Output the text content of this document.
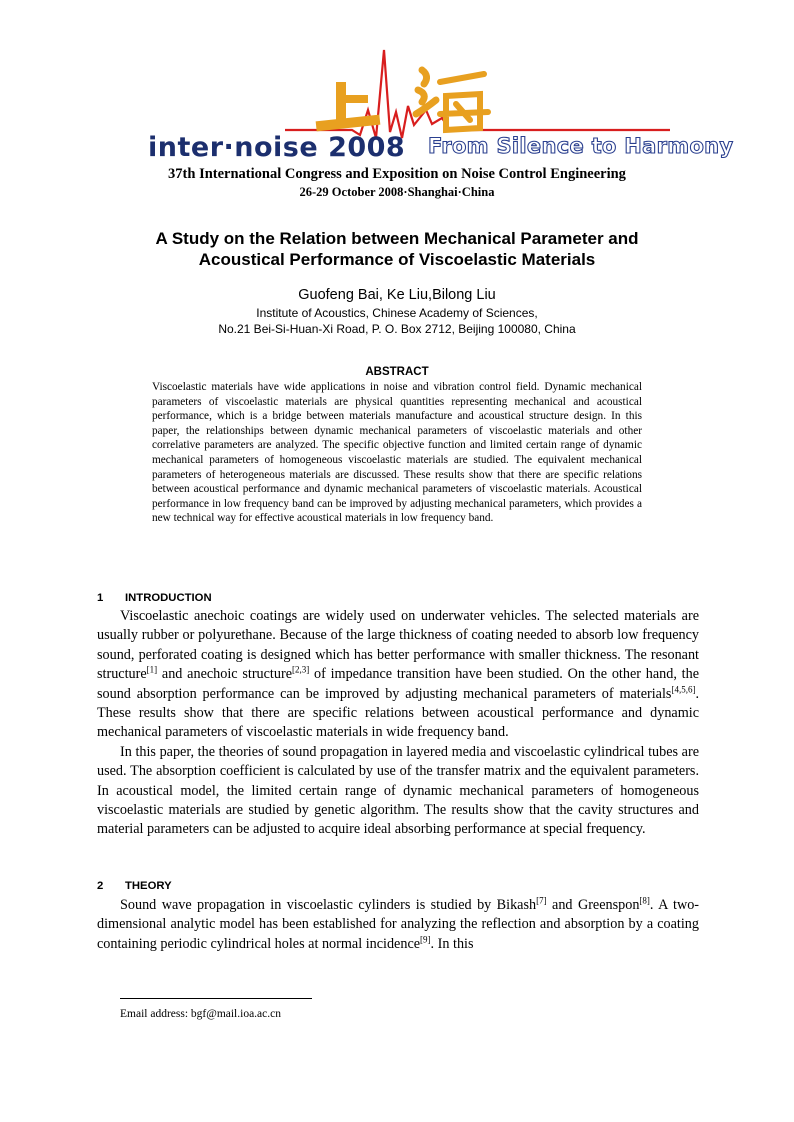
inter·noise 2008 From Silence to Harmony
37th International Congress and Exposition on Noise Control Engineering
26-29 October 2008·Shanghai·China
A Study on the Relation between Mechanical Parameter and
Acoustical Performance of Viscoelastic Materials
Guofeng Bai, Ke Liu,Bilong Liu
Institute of Acoustics, Chinese Academy of Sciences,
No.21 Bei-Si-Huan-Xi Road, P. O. Box 2712, Beijing 100080, China
ABSTRACT
Viscoelastic materials have wide applications in noise and vibration control field. Dynamic mechanical parameters of viscoelastic materials are physical quantities representing mechanical and acoustical performance, which is a bridge between materials manufacture and acoustical structure design. In this paper, the relationships between dynamic mechanical parameters of viscoelastic materials and other correlative parameters are analyzed. The specific objective function and limited certain range of dynamic mechanical parameters of homogeneous viscoelastic materials are studied. The equivalent mechanical parameters of heterogeneous materials are discussed. These results show that there are specific relations between acoustical performance and dynamic mechanical parameters of viscoelastic materials. Acoustical performance in low frequency band can be improved by adjusting mechanical parameters, which provides a new technical way for effective acoustical materials in low frequency band.
1 INTRODUCTION

Viscoelastic anechoic coatings are widely used on underwater vehicles. The selected materials are usually rubber or polyurethane. Because of the large thickness of coating needed to absorb low frequency sound, perforated coating is designed which has better performance with smaller thickness. The resonant structure[1] and anechoic structure[2,3] of impedance transition have been studied. On the other hand, the sound absorption performance can be improved by adjusting mechanical parameters of materials[4,5,6]. These results show that there are specific relations between acoustical performance and dynamic mechanical parameters of viscoelastic materials in wide frequency band.

In this paper, the theories of sound propagation in layered media and viscoelastic cylindrical tubes are used. The absorption coefficient is calculated by use of the transfer matrix and the equivalent parameters. In acoustical model, the limited certain range of dynamic mechanical parameters of homogeneous viscoelastic materials are studied by genetic algorithm. The results show that the cavity structures and material parameters can be adjusted to acquire ideal absorbing performance at special frequency.

2 THEORY

Sound wave propagation in viscoelastic cylinders is studied by Bikash[7] and Greenspon[8]. A two-dimensional analytic model has been established for analyzing the reflection and absorption by a coating containing periodic cylindrical holes at normal incidence[9]. In this

Email address: bgf@mail.ioa.ac.cn
